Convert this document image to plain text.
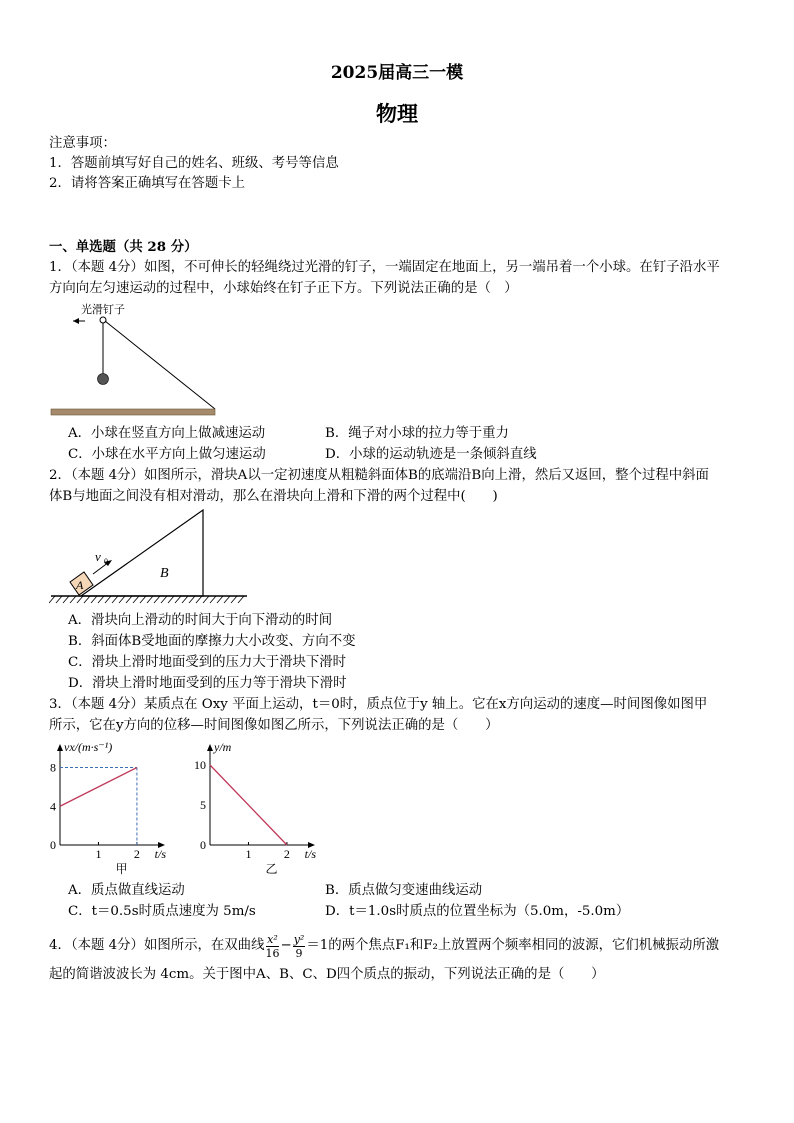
2025届高三一模
物理
注意事项：
1．答题前填写好自己的姓名、班级、考号等信息
2．请将答案正确填写在答题卡上
一、单选题（共 28 分）
1．（本题 4分）如图，不可伸长的轻绳绕过光滑的钉子，一端固定在地面上，另一端吊着一个小球。在钉子沿水平
方向向左匀速运动的过程中，小球始终在钉子正下方。下列说法正确的是（　）
光滑钉子
A．小球在竖直方向上做减速运动	B．绳子对小球的拉力等于重力
C．小球在水平方向上做匀速运动	D．小球的运动轨迹是一条倾斜直线
2．（本题 4分）如图所示，滑块A以一定初速度从粗糙斜面体B的底端沿B向上滑，然后又返回，整个过程中斜面
体B与地面之间没有相对滑动，那么在滑块向上滑和下滑的两个过程中(　　)
A
v 0
B
A．滑块向上滑动的时间大于向下滑动的时间
B．斜面体B受地面的摩擦力大小改变、方向不变
C．滑块上滑时地面受到的压力大于滑块下滑时
D．滑块上滑时地面受到的压力等于滑块下滑时
3．（本题 4分）某质点在 Oxy 平面上运动，t＝0时，质点位于y 轴上。它在x方向运动的速度—时间图像如图甲
所示，它在y方向的位移—时间图像如图乙所示，下列说法正确的是（　　）
1	2
0
4
8
t/s
vx/(m·s⁻¹)
甲
1	2
0
5
10
t/s
y/m
乙
A．质点做直线运动	B．质点做匀变速曲线运动
C．t＝0.5s时质点速度为 5m/s	D．t＝1.0s时质点的位置坐标为（5.0m，-5.0m）
4．（本题 4分）如图所示，在双曲线 $\frac{\text{x²}}{16} - \frac{\text{y²}}{9} =1$ 的两个焦点F₁和F₂上放置两个频率相同的波源，它们机械振动所激
起的简谐波波长为 4cm。关于图中A、B、C、D四个质点的振动，下列说法正确的是（　　）
